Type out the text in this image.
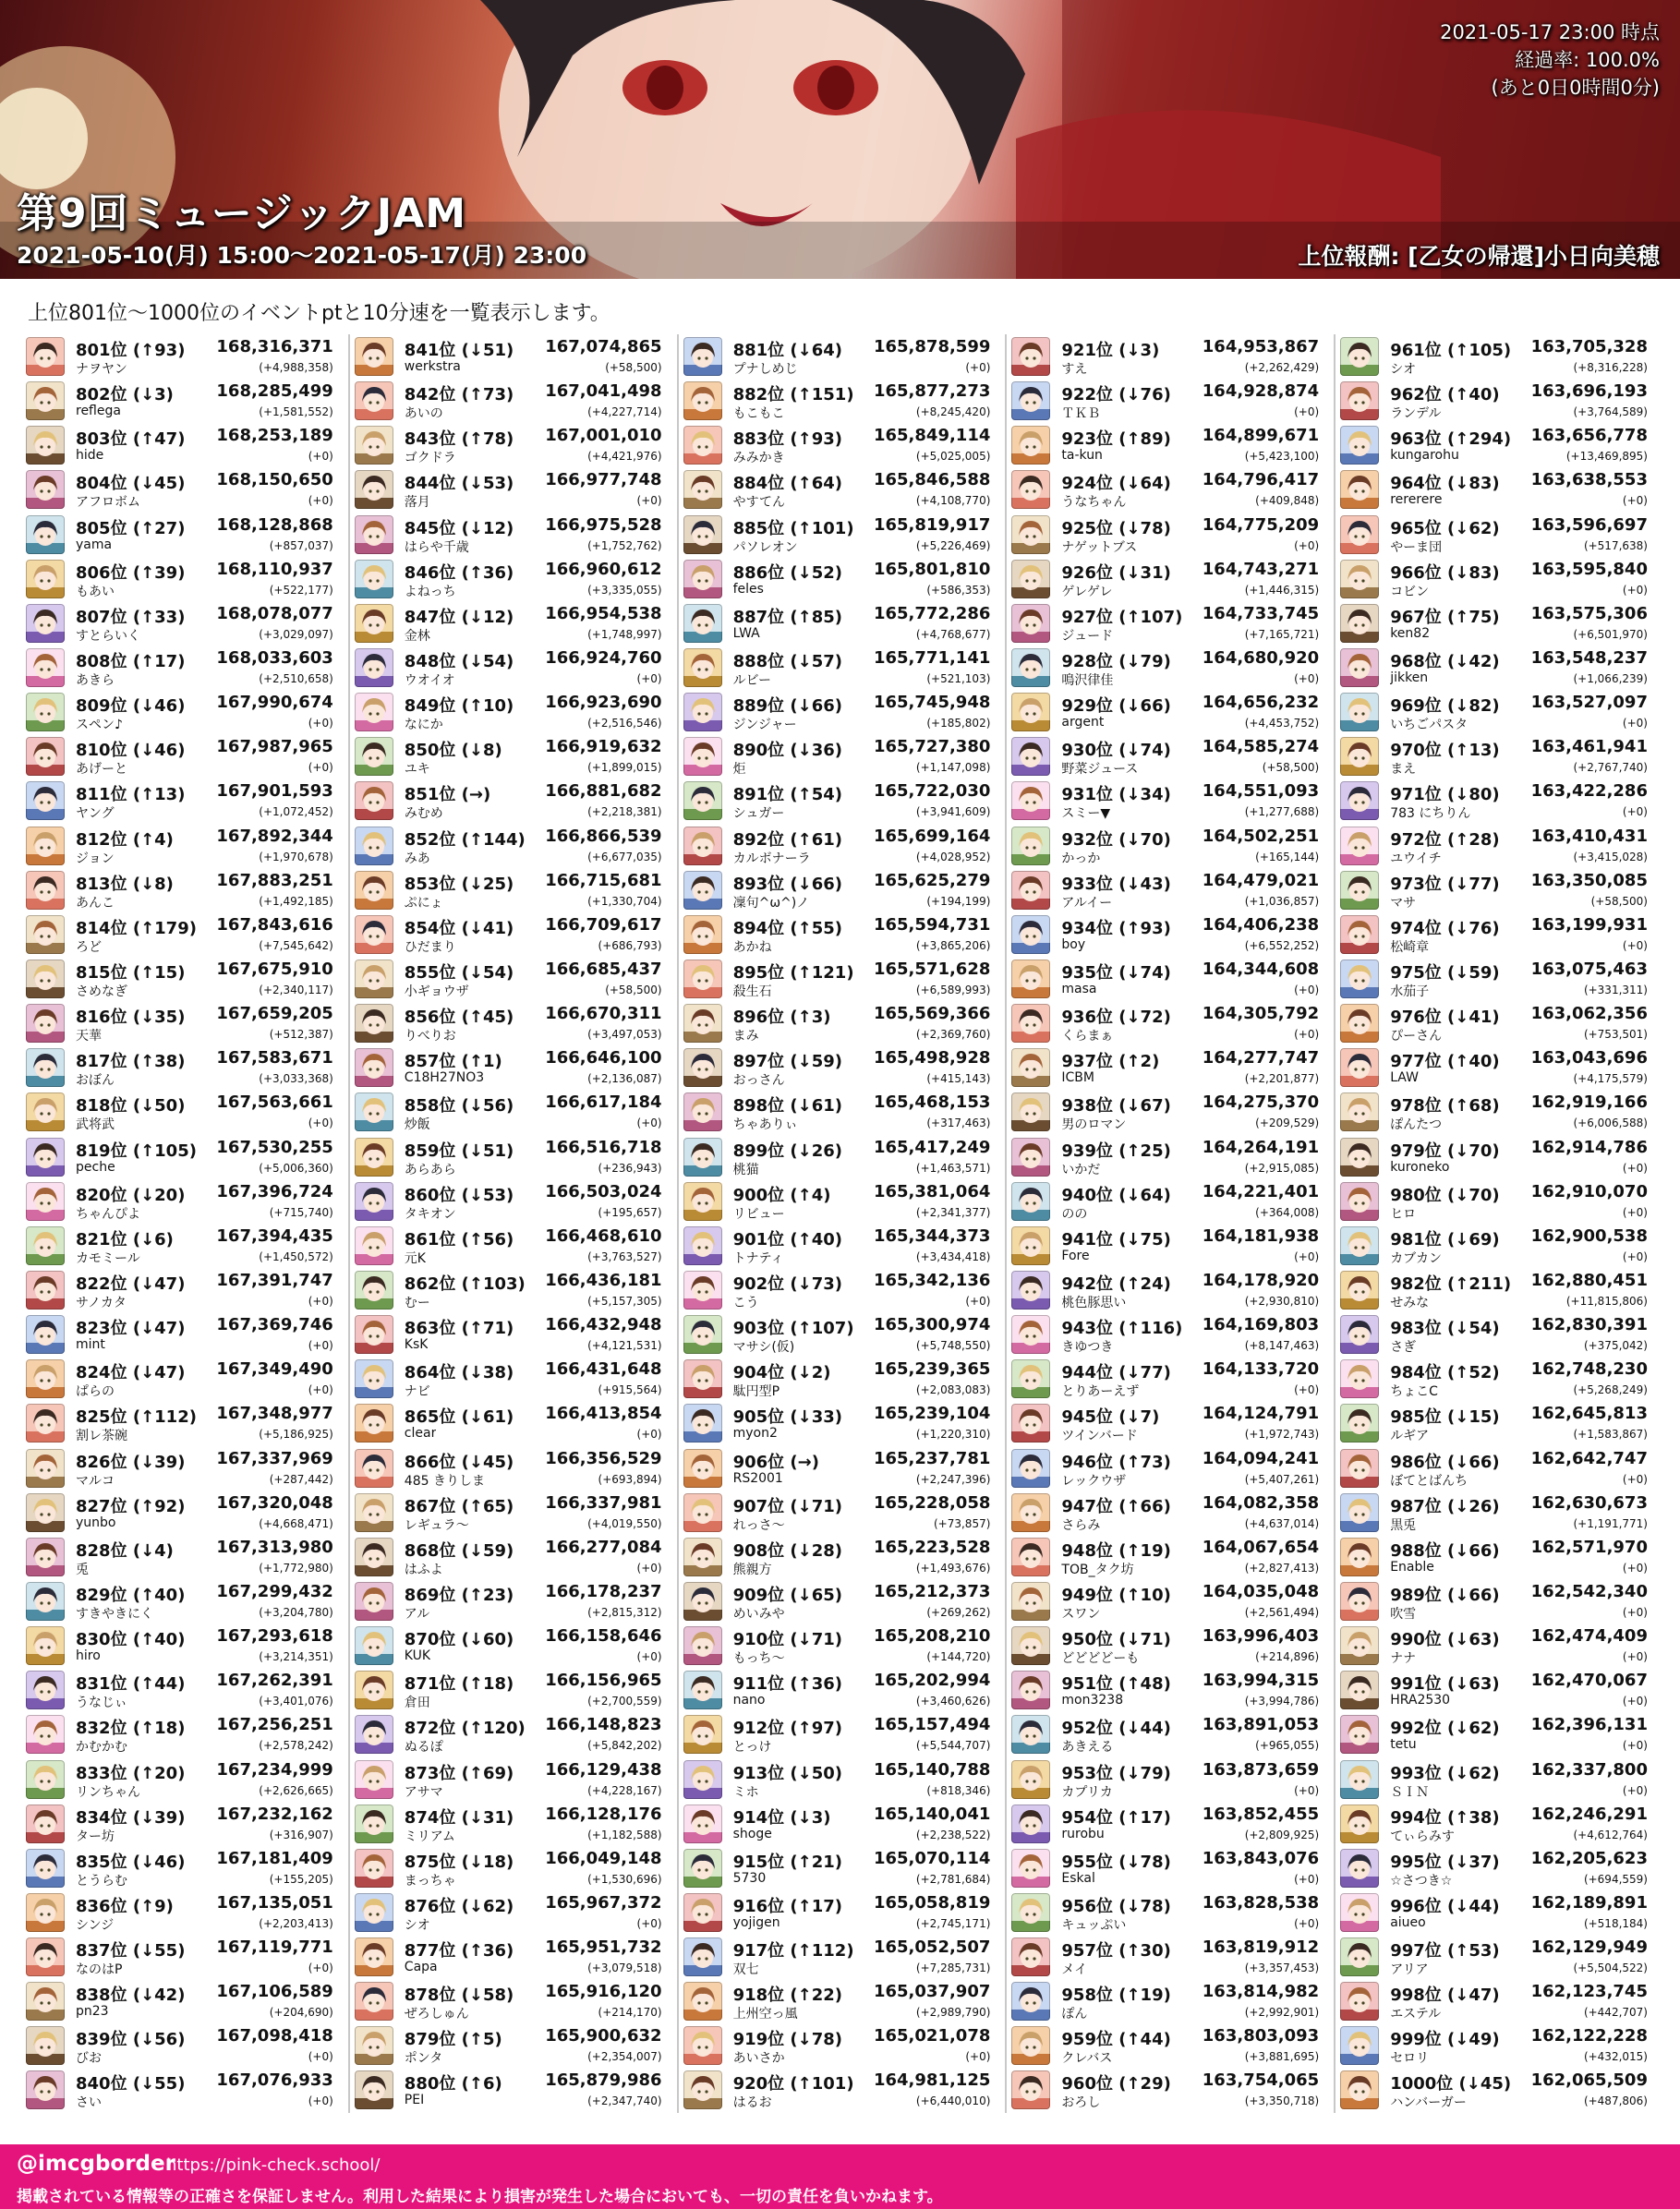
第9回ミュージックJAM
2021-05-10(月) 15:00〜2021-05-17(月) 23:00
2021-05-17 23:00 時点
経過率: 100.0%
(あと0日0時間0分)
上位報酬: [乙女の帰還]小日向美穂
上位801位〜1000位のイベントptと10分速を一覧表示します。
801位 (↑93) 168,316,371
ナヲヤン	(+4,988,358)
802位 (↓3)	168,285,499
reflega	(+1,581,552)
803位 (↑47) 168,253,189
hide	(+0)
804位 (↓45) 168,150,650
アフロボム	(+0)
805位 (↑27) 168,128,868
yama	(+857,037)
806位 (↑39) 168,110,937
もあい	(+522,177)
807位 (↑33) 168,078,077
すとらいく	(+3,029,097)
808位 (↑17) 168,033,603
あきら	(+2,510,658)
809位 (↓46) 167,990,674
スペン♪	(+0)
810位 (↓46) 167,987,965
あげーと	(+0)
811位 (↑13) 167,901,593
ヤング	(+1,072,452)
812位 (↑4)	167,892,344
ジョン	(+1,970,678)
813位 (↓8)	167,883,251
あんこ	(+1,492,185)
814位 (↑179) 167,843,616
ろど	(+7,545,642)
815位 (↑15) 167,675,910
さめなぎ	(+2,340,117)
816位 (↓35) 167,659,205
天華	(+512,387)
817位 (↑38) 167,583,671
おぼん	(+3,033,368)
818位 (↓50) 167,563,661
武将武	(+0)
819位 (↑105) 167,530,255
peche	(+5,006,360)
820位 (↓20) 167,396,724
ちゃんぴよ	(+715,740)
821位 (↓6)	167,394,435
カモミール	(+1,450,572)
822位 (↓47) 167,391,747
サノカタ	(+0)
823位 (↓47) 167,369,746
mint	(+0)
824位 (↓47) 167,349,490
ぱらの	(+0)
825位 (↑112) 167,348,977
割レ茶碗	(+5,186,925)
826位 (↓39) 167,337,969
マルコ	(+287,442)
827位 (↑92) 167,320,048
yunbo	(+4,668,471)
828位 (↓4)	167,313,980
兎	(+1,772,980)
829位 (↑40) 167,299,432
すきやきにく	(+3,204,780)
830位 (↑40) 167,293,618
hiro	(+3,214,351)
831位 (↑44) 167,262,391
うなじぃ	(+3,401,076)
832位 (↑18) 167,256,251
かむかむ	(+2,578,242)
833位 (↑20) 167,234,999
リンちゃん	(+2,626,665)
834位 (↓39) 167,232,162
ター坊	(+316,907)
835位 (↓46) 167,181,409
とうらむ	(+155,205)
836位 (↑9)	167,135,051
シンジ	(+2,203,413)
837位 (↓55) 167,119,771
なのはP	(+0)
838位 (↓42) 167,106,589
pn23	(+204,690)
839位 (↓56) 167,098,418
びお	(+0)
840位 (↓55) 167,076,933
さい	(+0)
841位 (↓51) 167,074,865
werkstra	(+58,500)
842位 (↑73) 167,041,498
あいの	(+4,227,714)
843位 (↑78) 167,001,010
ゴクドラ	(+4,421,976)
844位 (↓53) 166,977,748
落月	(+0)
845位 (↓12) 166,975,528
はらや千歳	(+1,752,762)
846位 (↑36) 166,960,612
よねっち	(+3,335,055)
847位 (↓12) 166,954,538
金林	(+1,748,997)
848位 (↓54) 166,924,760
ウオイオ	(+0)
849位 (↑10) 166,923,690
なにか	(+2,516,546)
850位 (↓8)	166,919,632
ユキ	(+1,899,015)
851位 (→)	166,881,682
みむめ	(+2,218,381)
852位 (↑144) 166,866,539
みあ	(+6,677,035)
853位 (↓25) 166,715,681
ぷにょ	(+1,330,704)
854位 (↓41) 166,709,617
ひだまり	(+686,793)
855位 (↓54) 166,685,437
小ギョウザ	(+58,500)
856位 (↑45) 166,670,311
りべりお	(+3,497,053)
857位 (↑1)	166,646,100
C18H27NO3	(+2,136,087)
858位 (↓56) 166,617,184
炒飯	(+0)
859位 (↓51) 166,516,718
あらあら	(+236,943)
860位 (↓53) 166,503,024
タキオン	(+195,657)
861位 (↑56) 166,468,610
元K	(+3,763,527)
862位 (↑103) 166,436,181
むー	(+5,157,305)
863位 (↑71) 166,432,948
KsK	(+4,121,531)
864位 (↓38) 166,431,648
ナビ	(+915,564)
865位 (↓61) 166,413,854
clear	(+0)
866位 (↓45) 166,356,529
485 きりしま	(+693,894)
867位 (↑65) 166,337,981
レギュラ〜	(+4,019,550)
868位 (↓59) 166,277,084
はふよ	(+0)
869位 (↑23) 166,178,237
アル	(+2,815,312)
870位 (↓60) 166,158,646
KUK	(+0)
871位 (↑18) 166,156,965
倉田	(+2,700,559)
872位 (↑120) 166,148,823
ぬるぽ	(+5,842,202)
873位 (↑69) 166,129,438
アサマ	(+4,228,167)
874位 (↓31) 166,128,176
ミリアム	(+1,182,588)
875位 (↓18) 166,049,148
まっちゃ	(+1,530,696)
876位 (↓62) 165,967,372
シオ	(+0)
877位 (↑36) 165,951,732
Capa	(+3,079,518)
878位 (↓58) 165,916,120
ぜろしゅん	(+214,170)
879位 (↑5)	165,900,632
ポンタ	(+2,354,007)
880位 (↑6)	165,879,986
PEI	(+2,347,740)
881位 (↓64) 165,878,599
プナしめじ	(+0)
882位 (↑151) 165,877,273
もこもこ	(+8,245,420)
883位 (↑93) 165,849,114
みみかき	(+5,025,005)
884位 (↑64) 165,846,588
やすてん	(+4,108,770)
885位 (↑101) 165,819,917
パソレオン	(+5,226,469)
886位 (↓52) 165,801,810
feles	(+586,353)
887位 (↑85) 165,772,286
LWA	(+4,768,677)
888位 (↓57) 165,771,141
ルビー	(+521,103)
889位 (↓66) 165,745,948
ジンジャー	(+185,802)
890位 (↓36) 165,727,380
炬	(+1,147,098)
891位 (↑54) 165,722,030
シュガー	(+3,941,609)
892位 (↑61) 165,699,164
カルボナーラ	(+4,028,952)
893位 (↓66) 165,625,279
凜句^ω^)ノ	(+194,199)
894位 (↑55) 165,594,731
あかね	(+3,865,206)
895位 (↑121) 165,571,628
殺生石	(+6,589,993)
896位 (↑3)	165,569,366
まみ	(+2,369,760)
897位 (↓59) 165,498,928
おっさん	(+415,143)
898位 (↓61) 165,468,153
ちゃありぃ	(+317,463)
899位 (↓26) 165,417,249
桃猫	(+1,463,571)
900位 (↑4)	165,381,064
リビュー	(+2,341,377)
901位 (↑40) 165,344,373
トナティ	(+3,434,418)
902位 (↓73) 165,342,136
こう	(+0)
903位 (↑107) 165,300,974
マサシ(仮)	(+5,748,550)
904位 (↓2)	165,239,365
駄円型P	(+2,083,083)
905位 (↓33) 165,239,104
myon2	(+1,220,310)
906位 (→)	165,237,781
RS2001	(+2,247,396)
907位 (↓71) 165,228,058
れっさ〜	(+73,857)
908位 (↓28) 165,223,528
熊親方	(+1,493,676)
909位 (↓65) 165,212,373
めいみや	(+269,262)
910位 (↓71) 165,208,210
もっち〜	(+144,720)
911位 (↑36) 165,202,994
nano	(+3,460,626)
912位 (↑97) 165,157,494
とっけ	(+5,544,707)
913位 (↓50) 165,140,788
ミホ	(+818,346)
914位 (↓3)	165,140,041
shoge	(+2,238,522)
915位 (↑21) 165,070,114
5730	(+2,781,684)
916位 (↑17) 165,058,819
yojigen	(+2,745,171)
917位 (↑112) 165,052,507
双七	(+7,285,731)
918位 (↑22) 165,037,907
上州空っ風	(+2,989,790)
919位 (↓78) 165,021,078
あいさか	(+0)
920位 (↑101) 164,981,125
はるお	(+6,440,010)
921位 (↓3)	164,953,867
すえ	(+2,262,429)
922位 (↓76) 164,928,874
ＴＫＢ	(+0)
923位 (↑89) 164,899,671
ta-kun	(+5,423,100)
924位 (↓64) 164,796,417
うなちゃん	(+409,848)
925位 (↓78) 164,775,209
ナゲットブス	(+0)
926位 (↓31) 164,743,271
ゲレゲレ	(+1,446,315)
927位 (↑107) 164,733,745
ジュード	(+7,165,721)
928位 (↓79) 164,680,920
鳴沢律佳	(+0)
929位 (↓66) 164,656,232
argent	(+4,453,752)
930位 (↓74) 164,585,274
野菜ジュース	(+58,500)
931位 (↓34) 164,551,093
スミー▼	(+1,277,688)
932位 (↓70) 164,502,251
かっか	(+165,144)
933位 (↓43) 164,479,021
アルイー	(+1,036,857)
934位 (↑93) 164,406,238
boy	(+6,552,252)
935位 (↓74) 164,344,608
masa	(+0)
936位 (↓72) 164,305,792
くらまぁ	(+0)
937位 (↑2)	164,277,747
ICBM	(+2,201,877)
938位 (↓67) 164,275,370
男のロマン	(+209,529)
939位 (↑25) 164,264,191
いかだ	(+2,915,085)
940位 (↓64) 164,221,401
のの	(+364,008)
941位 (↓75) 164,181,938
Fore	(+0)
942位 (↑24) 164,178,920
桃色豚思い	(+2,930,810)
943位 (↑116) 164,169,803
きゆつき	(+8,147,463)
944位 (↓77) 164,133,720
とりあーえず	(+0)
945位 (↓7)	164,124,791
ツインバード	(+1,972,743)
946位 (↑73) 164,094,241
レックウザ	(+5,407,261)
947位 (↑66) 164,082,358
さらみ	(+4,637,014)
948位 (↑19) 164,067,654
TOB_タク坊	(+2,827,413)
949位 (↑10) 164,035,048
スワン	(+2,561,494)
950位 (↓71) 163,996,403
どどどどーも	(+214,896)
951位 (↑48) 163,994,315
mon3238	(+3,994,786)
952位 (↓44) 163,891,053
あきえる	(+965,055)
953位 (↓79) 163,873,659
カプリカ	(+0)
954位 (↑17) 163,852,455
rurobu	(+2,809,925)
955位 (↓78) 163,843,076
Eskal	(+0)
956位 (↓78) 163,828,538
キュッぷい	(+0)
957位 (↑30) 163,819,912
メイ	(+3,357,453)
958位 (↑19) 163,814,982
ぽん	(+2,992,901)
959位 (↑44) 163,803,093
クレバス	(+3,881,695)
960位 (↑29) 163,754,065
おろし	(+3,350,718)
961位 (↑105) 163,705,328
シオ	(+8,316,228)
962位 (↑40) 163,696,193
ランデル	(+3,764,589)
963位 (↑294) 163,656,778
kungarohu	(+13,469,895)
964位 (↓83) 163,638,553
rererere	(+0)
965位 (↓62) 163,596,697
やーま団	(+517,638)
966位 (↓83) 163,595,840
コビン	(+0)
967位 (↑75) 163,575,306
ken82	(+6,501,970)
968位 (↓42) 163,548,237
jikken	(+1,066,239)
969位 (↓82) 163,527,097
いちごパスタ	(+0)
970位 (↑13) 163,461,941
まえ	(+2,767,740)
971位 (↓80) 163,422,286
783 にちりん	(+0)
972位 (↑28) 163,410,431
ユウイチ	(+3,415,028)
973位 (↓77) 163,350,085
マサ	(+58,500)
974位 (↓76) 163,199,931
松崎章	(+0)
975位 (↓59) 163,075,463
水茄子	(+331,311)
976位 (↓41) 163,062,356
ぴーさん	(+753,501)
977位 (↑40) 163,043,696
LAW	(+4,175,579)
978位 (↑68) 162,919,166
ぽんたつ	(+6,006,588)
979位 (↓70) 162,914,786
kuroneko	(+0)
980位 (↓70) 162,910,070
ヒロ	(+0)
981位 (↓69) 162,900,538
カブカン	(+0)
982位 (↑211) 162,880,451
せみな	(+11,815,806)
983位 (↓54) 162,830,391
さぎ	(+375,042)
984位 (↑52) 162,748,230
ちょこC	(+5,268,249)
985位 (↓15) 162,645,813
ルギア	(+1,583,867)
986位 (↓66) 162,642,747
ぼてとばんち	(+0)
987位 (↓26) 162,630,673
黒兎	(+1,191,771)
988位 (↓66) 162,571,970
Enable	(+0)
989位 (↓66) 162,542,340
吹雪	(+0)
990位 (↓63) 162,474,409
ナナ	(+0)
991位 (↓63) 162,470,067
HRA2530	(+0)
992位 (↓62) 162,396,131
tetu	(+0)
993位 (↓62) 162,337,800
ＳＩＮ	(+0)
994位 (↑38) 162,246,291
てぃらみす	(+4,612,764)
995位 (↓37) 162,205,623
☆さつき☆	(+694,559)
996位 (↓44) 162,189,891
aiueo	(+518,184)
997位 (↑53) 162,129,949
アリア	(+5,504,522)
998位 (↓47) 162,123,745
エステル	(+442,707)
999位 (↓49) 162,122,228
セロリ	(+432,015)
1000位 (↓45) 162,065,509
ハンバーガー	(+487,806)
@imcgborder
https://pink-check.school/
掲載されている情報等の正確さを保証しません。利用した結果により損害が発生した場合においても、一切の責任を負いかねます。
